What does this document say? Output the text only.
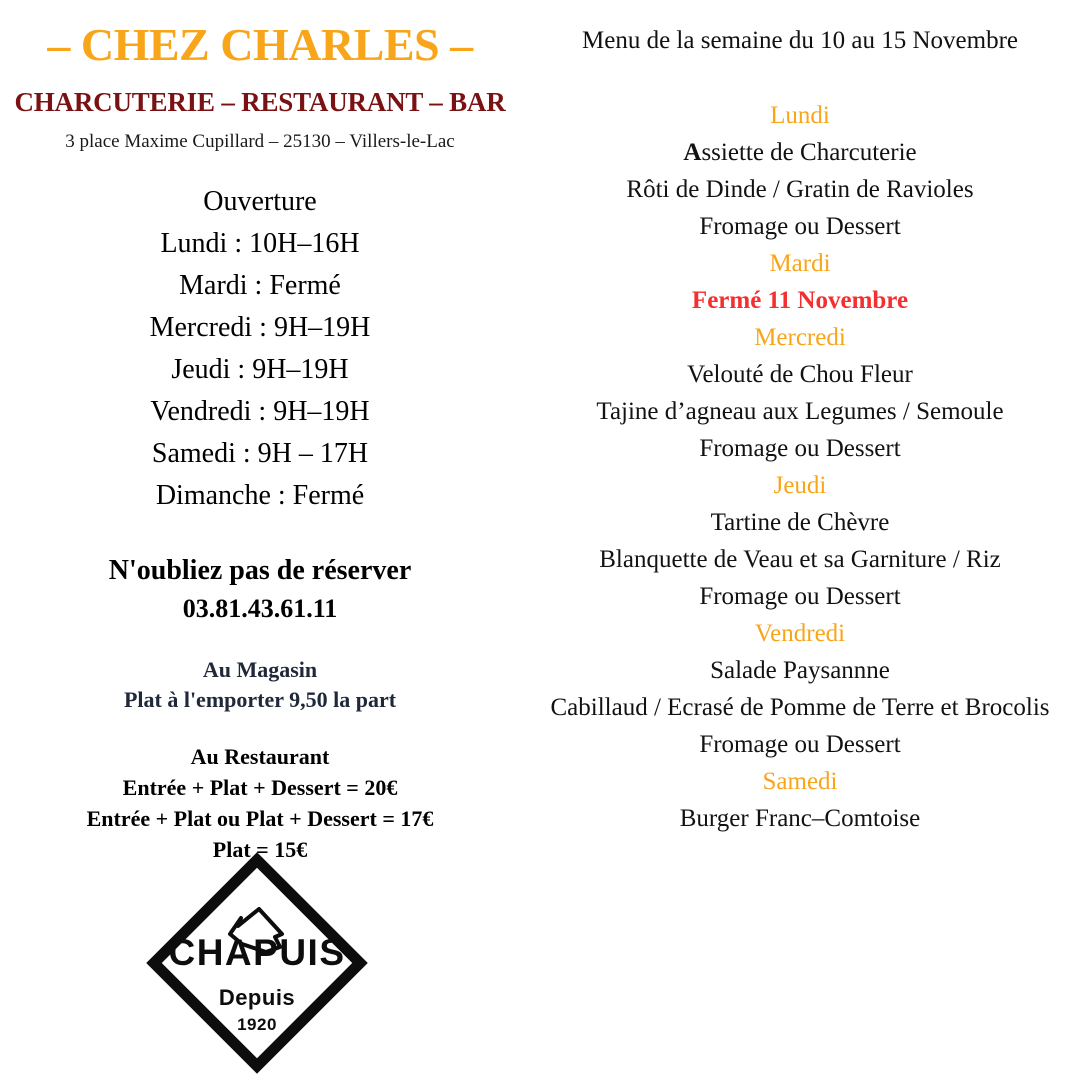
– CHEZ CHARLES –
CHARCUTERIE – RESTAURANT – BAR
3 place Maxime Cupillard – 25130 – Villers-le-Lac
Ouverture
Lundi : 10H–16H
Mardi : Fermé
Mercredi : 9H–19H
Jeudi : 9H–19H
Vendredi : 9H–19H
Samedi : 9H – 17H
Dimanche : Fermé
N'oubliez pas de réserver
03.81.43.61.11
Au Magasin
Plat à l'emporter 9,50 la part
Au Restaurant
Entrée + Plat + Dessert = 20€
Entrée + Plat ou Plat + Dessert = 17€
Plat = 15€
CHAPUIS
Depuis
1920
Menu de la semaine du 10 au 15 Novembre
Lundi
Assiette de Charcuterie
Rôti de Dinde / Gratin de Ravioles
Fromage ou Dessert
Mardi
Fermé 11 Novembre
Mercredi
Velouté de Chou Fleur
Tajine d’agneau aux Legumes / Semoule
Fromage ou Dessert
Jeudi
Tartine de Chèvre
Blanquette de Veau et sa Garniture / Riz
Fromage ou Dessert
Vendredi
Salade Paysannne
Cabillaud / Ecrasé de Pomme de Terre et Brocolis
Fromage ou Dessert
Samedi
Burger Franc–Comtoise
